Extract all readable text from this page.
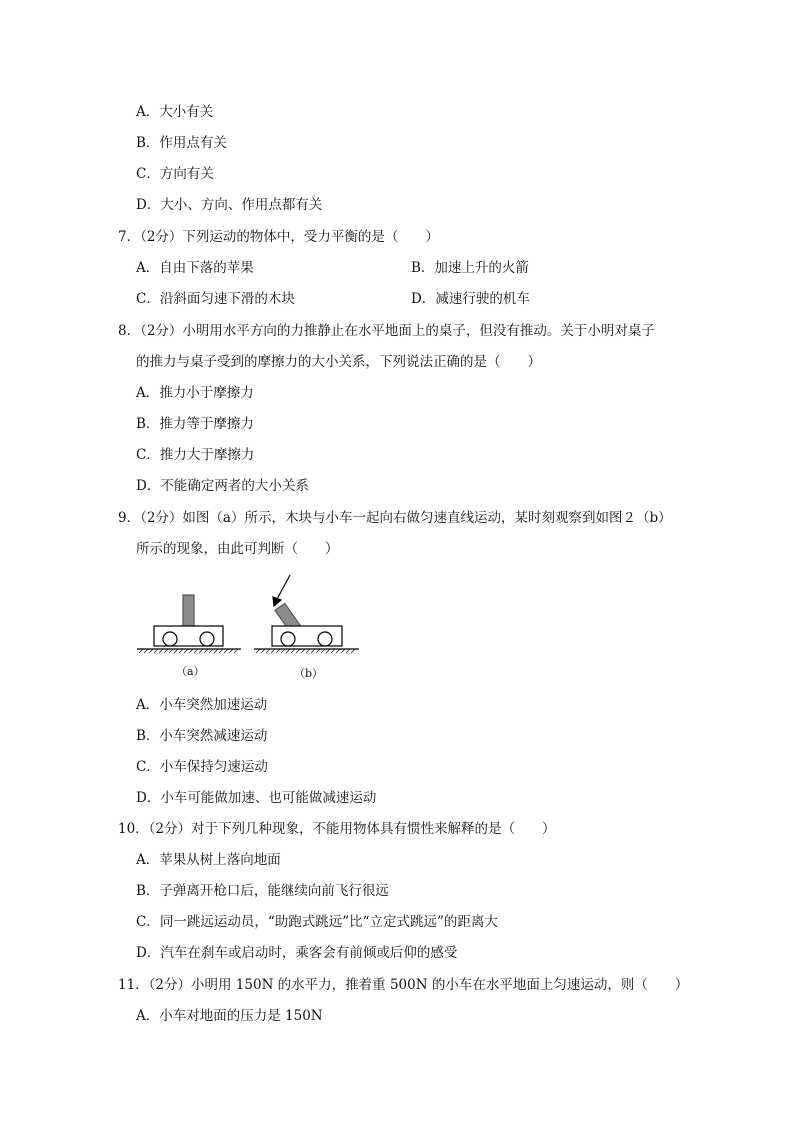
A．大小有关
B．作用点有关
C．方向有关
D．大小、方向、作用点都有关
7．（2分）下列运动的物体中，受力平衡的是（　　）
A．自由下落的苹果	B．加速上升的火箭
C．沿斜面匀速下滑的木块	D．减速行驶的机车
8．（2分）小明用水平方向的力推静止在水平地面上的桌子，但没有推动。关于小明对桌子
的推力与桌子受到的摩擦力的大小关系，下列说法正确的是（　　）
A．推力小于摩擦力
B．推力等于摩擦力
C．推力大于摩擦力
D．不能确定两者的大小关系
9．（2分）如图（a）所示，木块与小车一起向右做匀速直线运动，某时刻观察到如图２（b）
所示的现象，由此可判断（　　）
（a）	（b）
A．小车突然加速运动
B．小车突然减速运动
C．小车保持匀速运动
D．小车可能做加速、也可能做减速运动
10．（2分）对于下列几种现象，不能用物体具有惯性来解释的是（　　）
A．苹果从树上落向地面
B．子弹离开枪口后，能继续向前飞行很远
C．同一跳远运动员，“助跑式跳远”比“立定式跳远”的距离大
D．汽车在刹车或启动时，乘客会有前倾或后仰的感受
11．（2分）小明用 150N 的水平力，推着重 500N 的小车在水平地面上匀速运动，则（　　）
A．小车对地面的压力是 150N
